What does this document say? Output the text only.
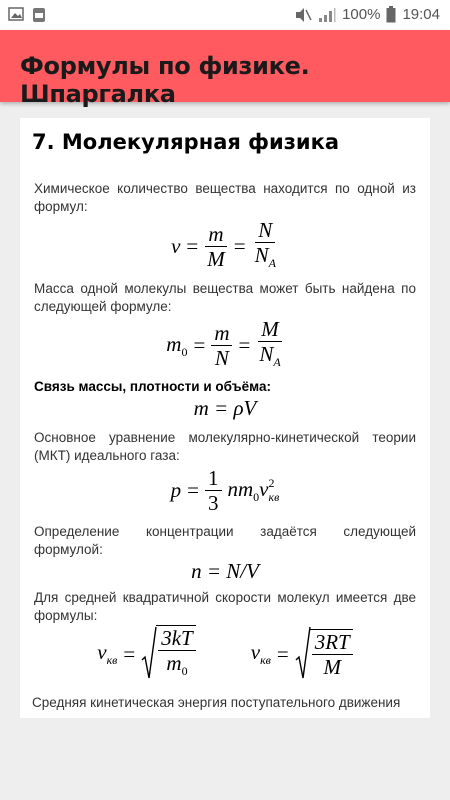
100% 19:04
Формулы по физике. Шпаргалка
7. Молекулярная физика
Химическое количество вещества находится по одной из формул:
$\nu = \frac{m}{M} = \frac{N}{N_A}$
Масса одной молекулы вещества может быть найдена по следующей формуле:
$m_0 = \frac{m}{N} = \frac{M}{N_A}$
Связь массы, плотности и объёма:
m = ρV
Основное уравнение молекулярно-кинетической теории (МКТ) идеального газа:
$p = \frac{1}{3} nm_0v^2_{кв}$
Определение концентрации задаётся следующей формулой:
n = N/V
Для средней квадратичной скорости молекул имеется две формулы:
$v_{кв} = \frac{3kT}{m_0}$	$v_{кв} = \frac{3RT}{M}$
Средняя кинетическая энергия поступательного движения
